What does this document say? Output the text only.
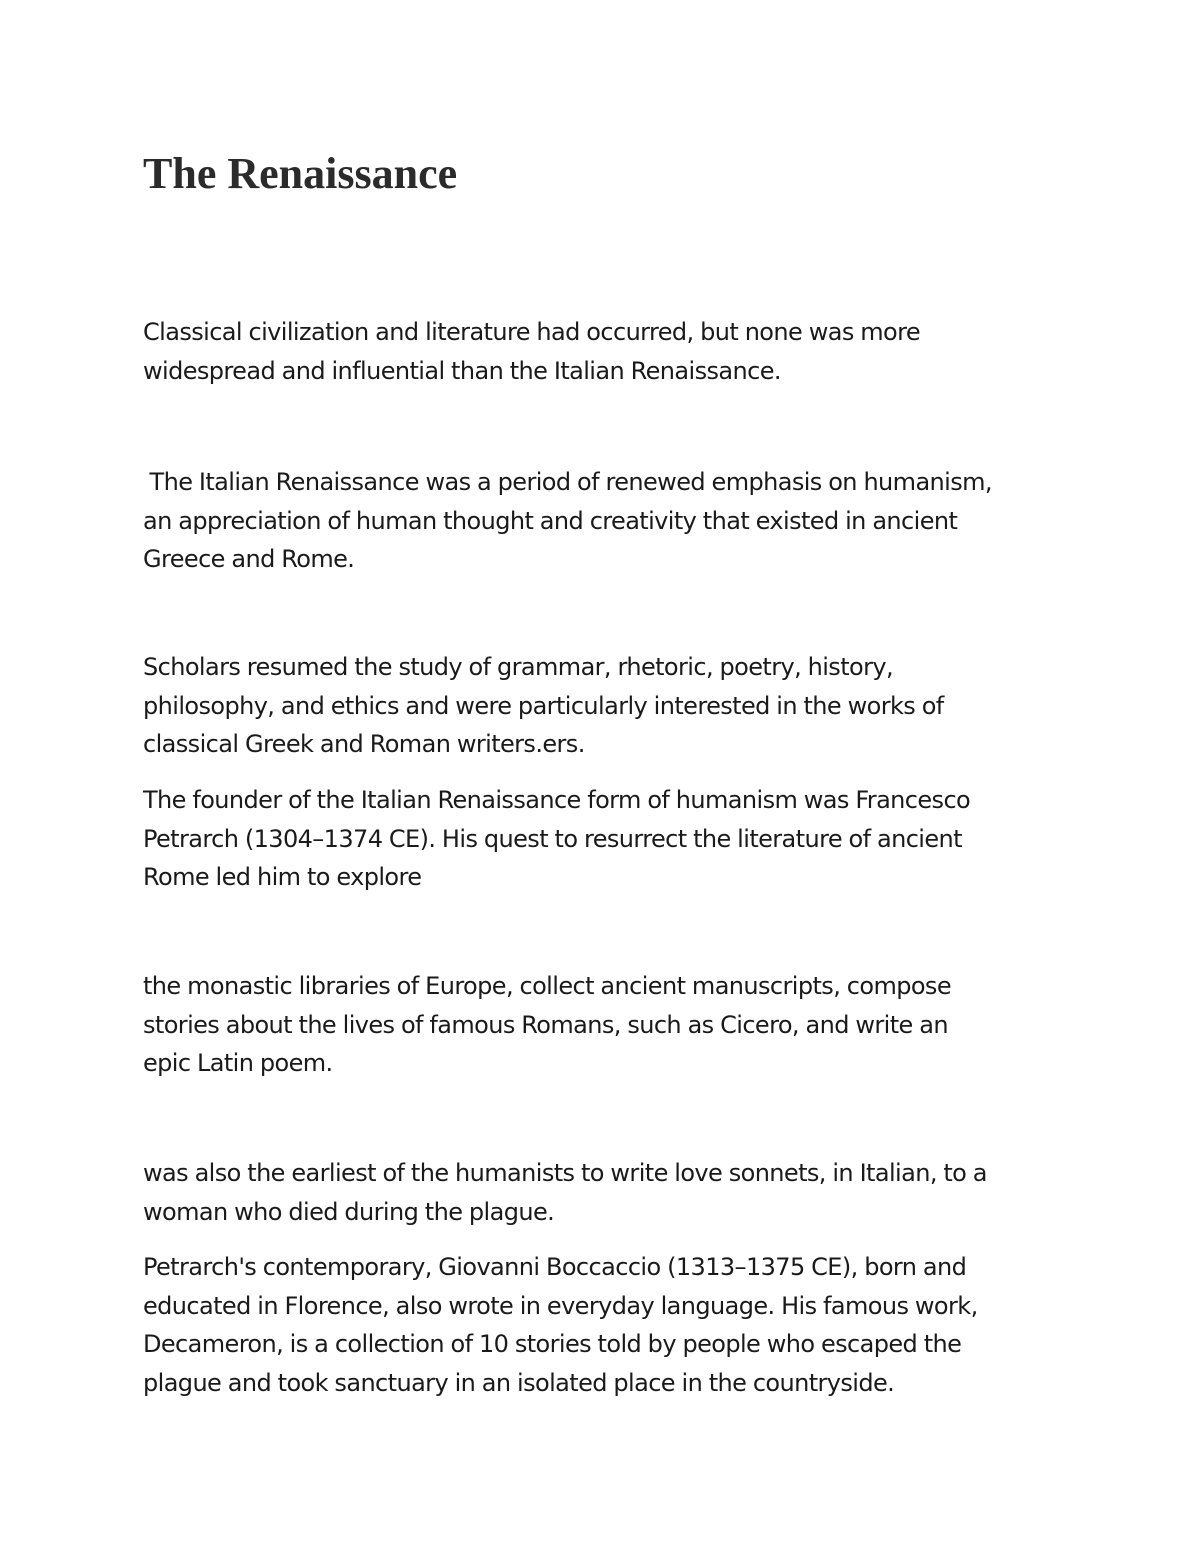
The Renaissance

Classical civilization and literature had occurred, but none was more
widespread and influential than the Italian Renaissance.

The Italian Renaissance was a period of renewed emphasis on humanism,
an appreciation of human thought and creativity that existed in ancient
Greece and Rome.

Scholars resumed the study of grammar, rhetoric, poetry, history,
philosophy, and ethics and were particularly interested in the works of
classical Greek and Roman writers.ers.

The founder of the Italian Renaissance form of humanism was Francesco
Petrarch (1304–1374 CE). His quest to resurrect the literature of ancient
Rome led him to explore

the monastic libraries of Europe, collect ancient manuscripts, compose
stories about the lives of famous Romans, such as Cicero, and write an
epic Latin poem.

was also the earliest of the humanists to write love sonnets, in Italian, to a
woman who died during the plague.

Petrarch's contemporary, Giovanni Boccaccio (1313–1375 CE), born and
educated in Florence, also wrote in everyday language. His famous work,
Decameron, is a collection of 10 stories told by people who escaped the
plague and took sanctuary in an isolated place in the countryside.
